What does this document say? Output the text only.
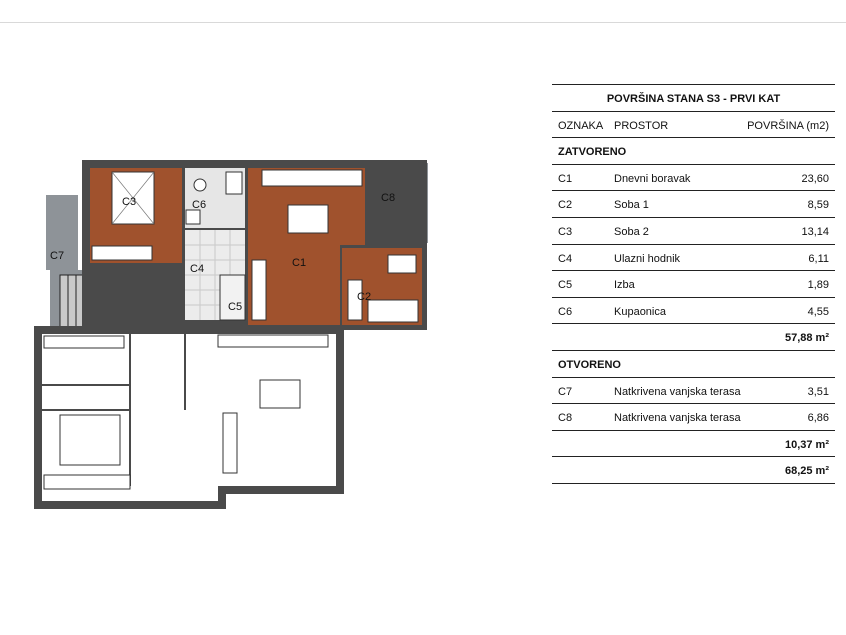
C3	C6
C4
C5
C1
C2
C7
C8
POVRŠINA STANA S3 - PRVI KAT
OZNAKA PROSTOR	POVRŠINA (m2)
ZATVORENO
C1	Dnevni boravak	23,60
C2	Soba 1	8,59
C3	Soba 2	13,14
C4	Ulazni hodnik	6,11
C5	Izba	1,89
C6	Kupaonica	4,55
57,88 m²
OTVORENO
C7	Natkrivena vanjska terasa	3,51
C8	Natkrivena vanjska terasa	6,86
10,37 m²
68,25 m²
